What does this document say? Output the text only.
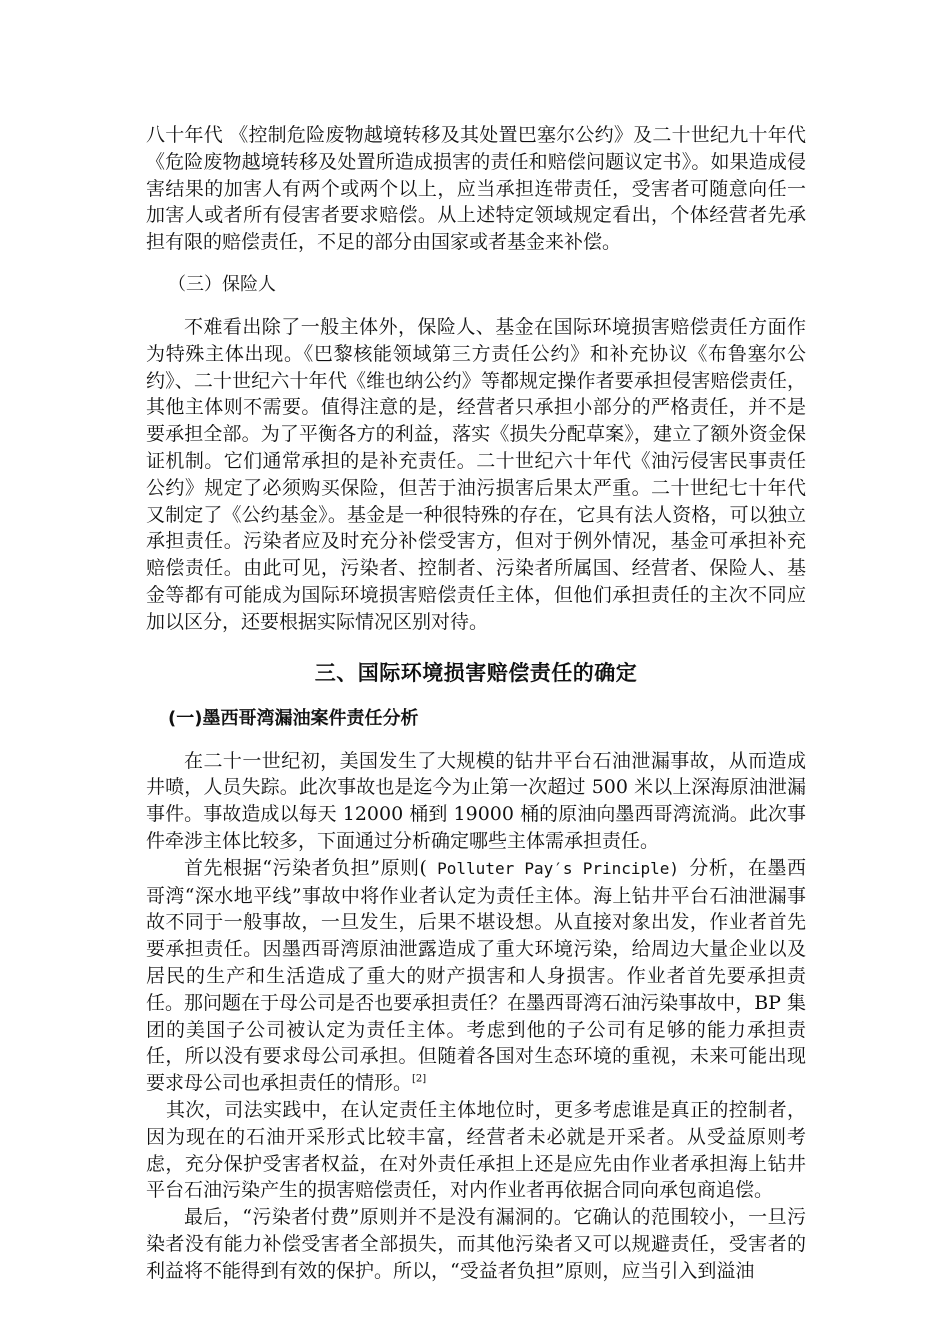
八十年代 《控制危险废物越境转移及其处置巴塞尔公约》及二十世纪九十年代《危险废物越境转移及处置所造成损害的责任和赔偿问题议定书》。如果造成侵害结果的加害人有两个或两个以上，应当承担连带责任，受害者可随意向任一加害人或者所有侵害者要求赔偿。从上述特定领域规定看出，个体经营者先承担有限的赔偿责任，不足的部分由国家或者基金来补偿。

（三）保险人

不难看出除了一般主体外，保险人、基金在国际环境损害赔偿责任方面作为特殊主体出现。《巴黎核能领域第三方责任公约》和补充协议《布鲁塞尔公约》、二十世纪六十年代《维也纳公约》等都规定操作者要承担侵害赔偿责任，其他主体则不需要。值得注意的是，经营者只承担小部分的严格责任，并不是要承担全部。为了平衡各方的利益，落实《损失分配草案》，建立了额外资金保证机制。它们通常承担的是补充责任。二十世纪六十年代《油污侵害民事责任公约》规定了必须购买保险，但苦于油污损害后果太严重。二十世纪七十年代又制定了《公约基金》。基金是一种很特殊的存在，它具有法人资格，可以独立承担责任。污染者应及时充分补偿受害方，但对于例外情况，基金可承担补充赔偿责任。由此可见，污染者、控制者、污染者所属国、经营者、保险人、基金等都有可能成为国际环境损害赔偿责任主体，但他们承担责任的主次不同应加以区分，还要根据实际情况区别对待。

三、国际环境损害赔偿责任的确定
(一)墨西哥湾漏油案件责任分析

在二十一世纪初，美国发生了大规模的钻井平台石油泄漏事故，从而造成井喷，人员失踪。此次事故也是迄今为止第一次超过 500 米以上深海原油泄漏事件。事故造成以每天 12000 桶到 19000 桶的原油向墨西哥湾流淌。此次事件牵涉主体比较多，下面通过分析确定哪些主体需承担责任。

首先根据“污染者负担”原则( Polluter Pay′s Principle) 分析，在墨西哥湾“深水地平线”事故中将作业者认定为责任主体。海上钻井平台石油泄漏事故不同于一般事故，一旦发生，后果不堪设想。从直接对象出发，作业者首先要承担责任。因墨西哥湾原油泄露造成了重大环境污染，给周边大量企业以及居民的生产和生活造成了重大的财产损害和人身损害。作业者首先要承担责任。那问题在于母公司是否也要承担责任？在墨西哥湾石油污染事故中，BP 集团的美国子公司被认定为责任主体。考虑到他的子公司有足够的能力承担责任，所以没有要求母公司承担。但随着各国对生态环境的重视，未来可能出现要求母公司也承担责任的情形。[2]

其次，司法实践中，在认定责任主体地位时，更多考虑谁是真正的控制者，因为现在的石油开采形式比较丰富，经营者未必就是开采者。从受益原则考虑，充分保护受害者权益，在对外责任承担上还是应先由作业者承担海上钻井平台石油污染产生的损害赔偿责任，对内作业者再依据合同向承包商追偿。

最后，“污染者付费”原则并不是没有漏洞的。它确认的范围较小，一旦污染者没有能力补偿受害者全部损失，而其他污染者又可以规避责任，受害者的利益将不能得到有效的保护。所以，“受益者负担”原则，应当引入到溢油
